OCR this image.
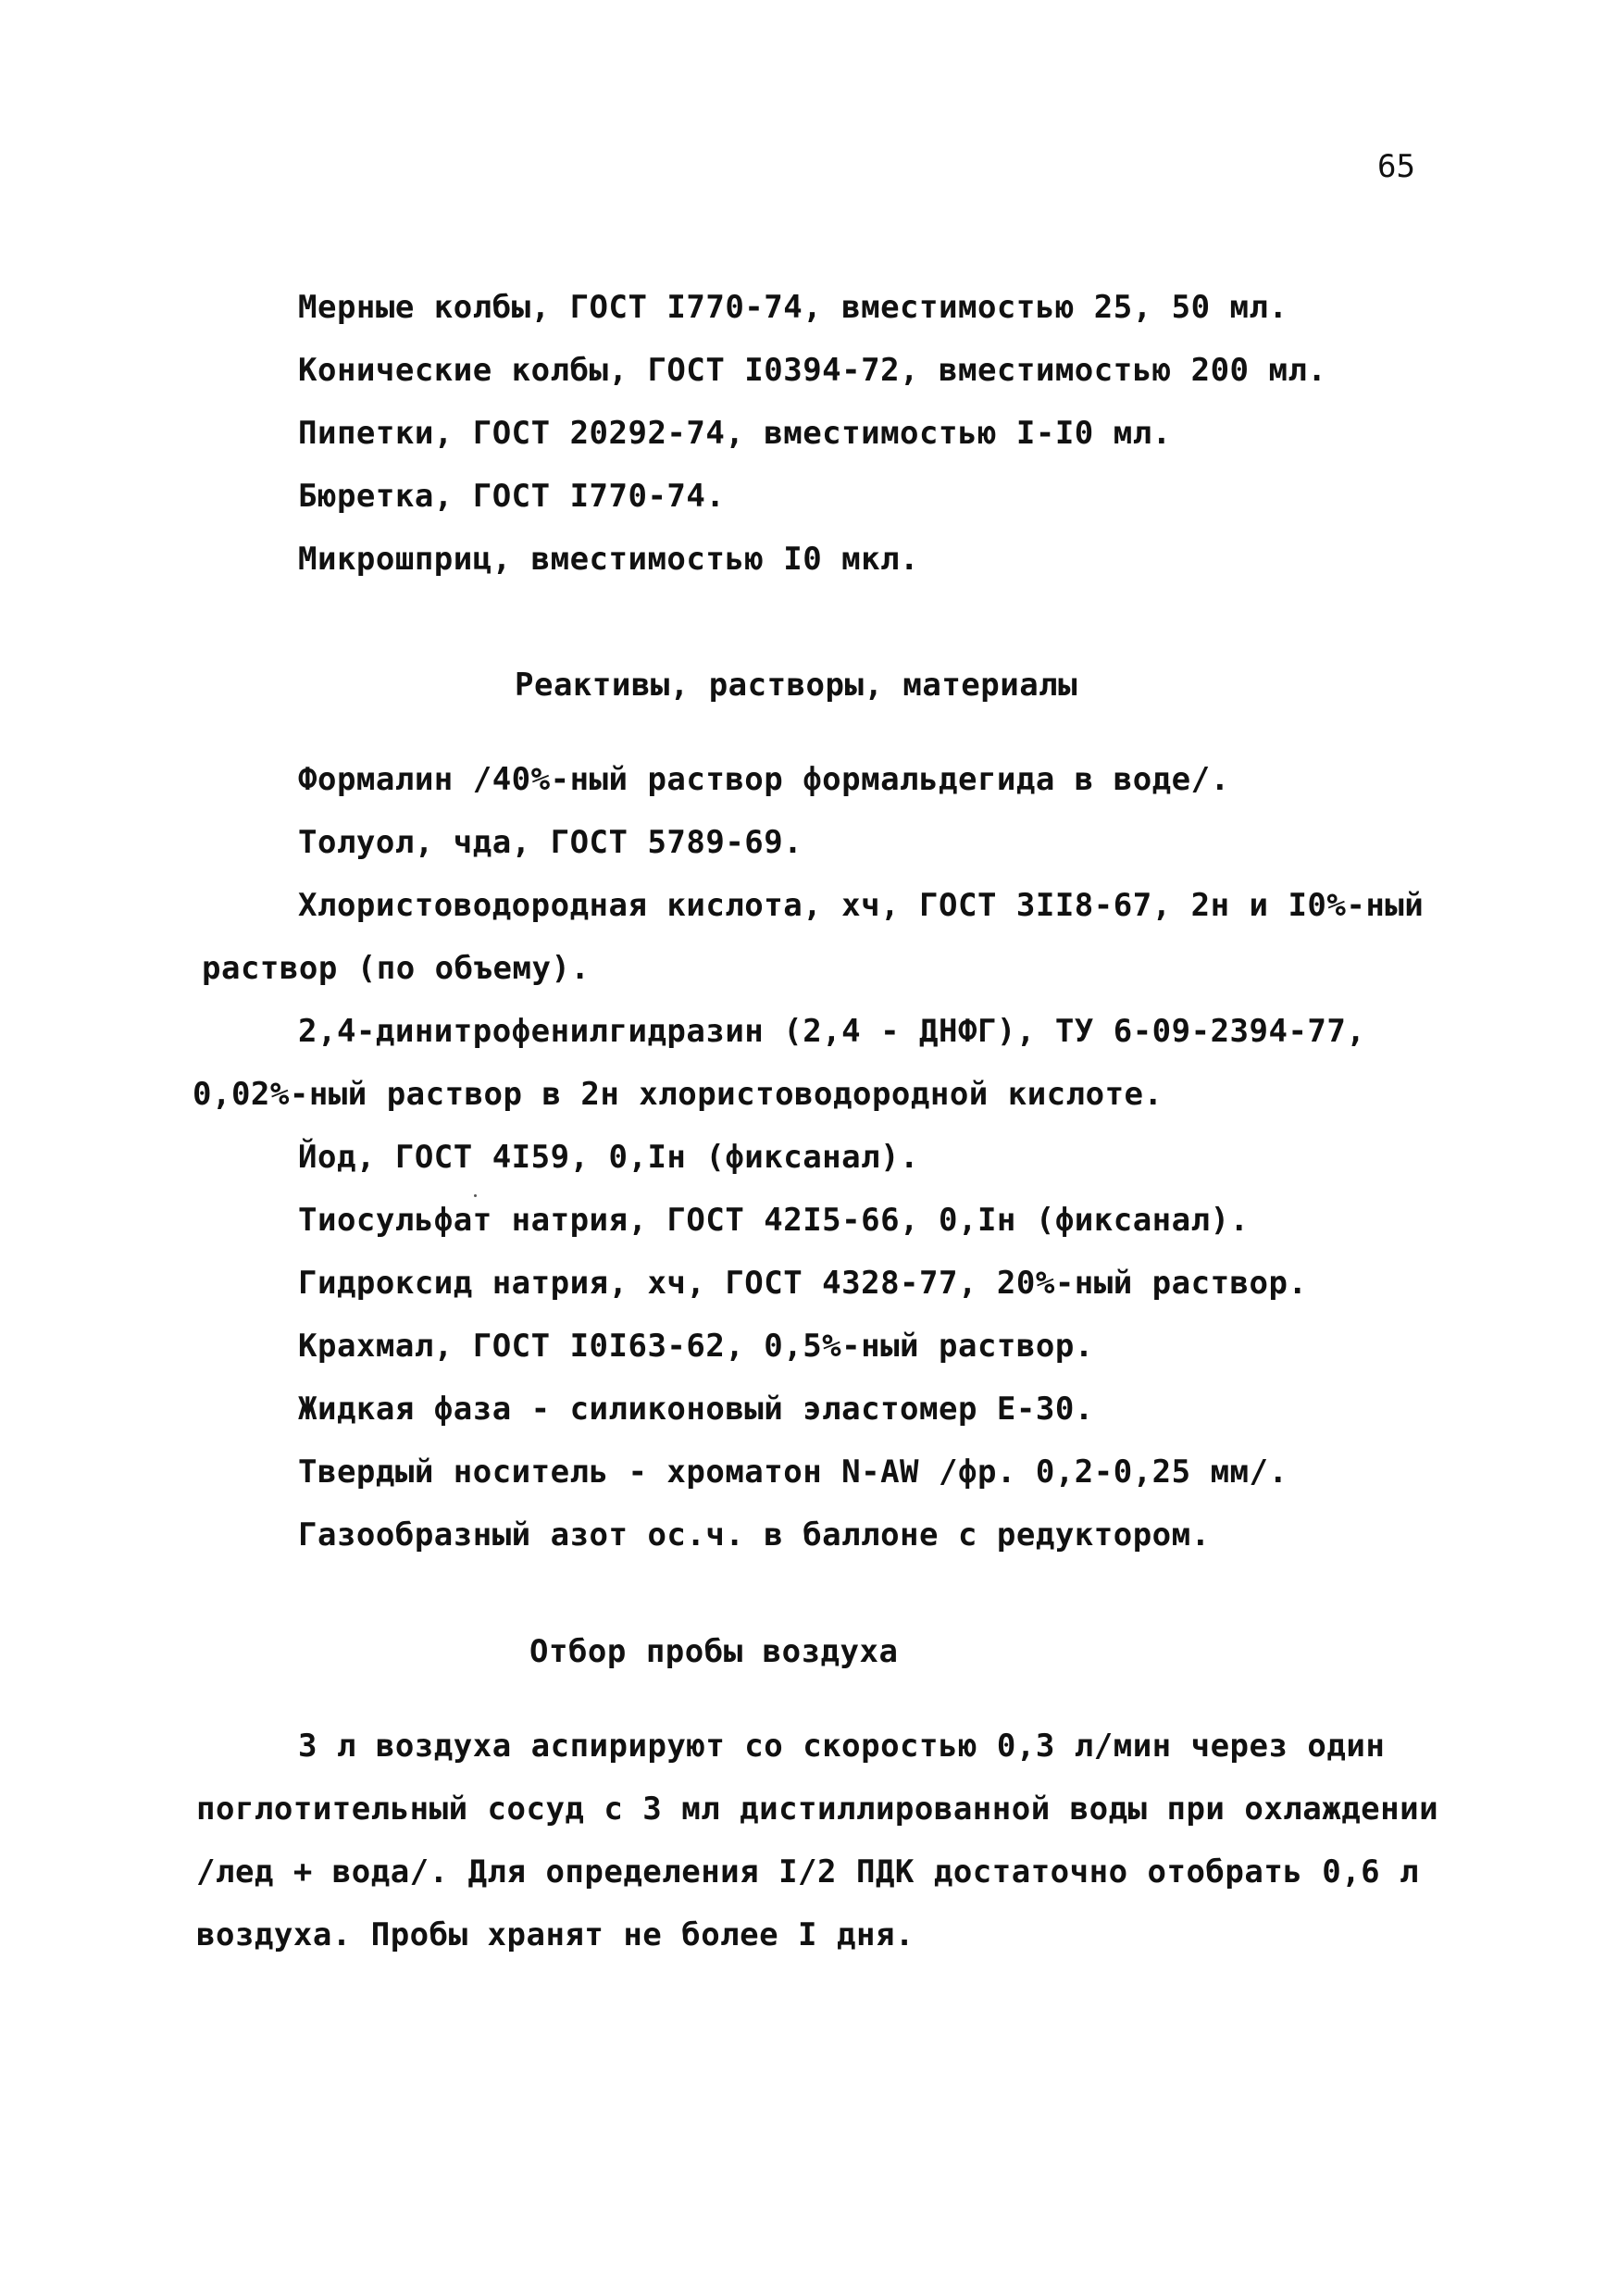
65
Мерные колбы, ГОСТ I770-74, вместимостью 25, 50 мл.
Конические колбы, ГОСТ I0394-72, вместимостью 200 мл.
Пипетки, ГОСТ 20292-74, вместимостью I-I0 мл.
Бюретка, ГОСТ I770-74.
Микрошприц, вместимостью I0 мкл.
Реактивы, растворы, материалы
Формалин /40%-ный раствор формальдегида в воде/.
Толуол, чда, ГОСТ 5789-69.
Хлористоводородная кислота, хч, ГОСТ 3II8-67, 2н и I0%-ный
раствор (по объему).
2,4-динитрофенилгидразин (2,4 - ДНФГ), ТУ 6-09-2394-77,
0,02%-ный раствор в 2н хлористоводородной кислоте.
Йод, ГОСТ 4I59, 0,Iн (фиксанал).
Тиосульфат натрия, ГОСТ 42I5-66, 0,Iн (фиксанал).
Гидроксид натрия, хч, ГОСТ 4328-77, 20%-ный раствор.
Крахмал, ГОСТ I0I63-62, 0,5%-ный раствор.
Жидкая фаза - силиконовый эластомер Е-30.
Твердый носитель - хроматон N-AW /фр. 0,2-0,25 мм/.
Газообразный азот ос.ч. в баллоне с редуктором.
Отбор пробы воздуха
3 л воздуха аспирируют со скоростью 0,3 л/мин через один
поглотительный сосуд с 3 мл дистиллированной воды при охлаждении
/лед + вода/. Для определения I/2 ПДК достаточно отобрать 0,6 л
воздуха. Пробы хранят не более I дня.
